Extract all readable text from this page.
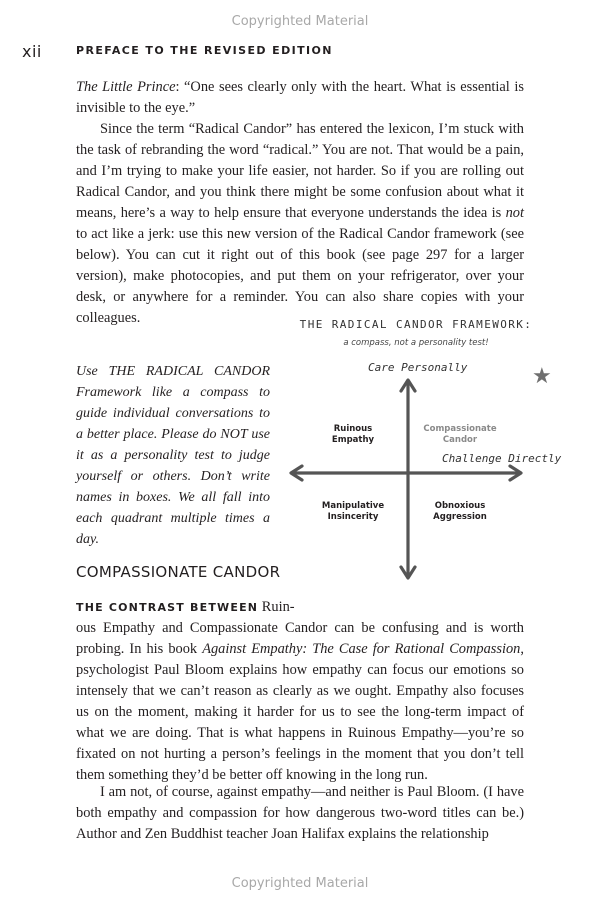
Copyrighted Material
xii	PREFACE TO THE REVISED EDITION

The Little Prince: “One sees clearly only with the heart. What is essential is invisible to the eye.”

Since the term “Radical Candor” has entered the lexicon, I’m stuck with the task of rebranding the word “radical.” You are not. That would be a pain, and I’m trying to make your life easier, not harder. So if you are rolling out Radical Candor, and you think there might be some confusion about what it means, here’s a way to help ensure that everyone understands the idea is not to act like a jerk: use this new version of the Radical Candor framework (see below). You can cut it right out of this book (see page 297 for a larger version), make photocopies, and put them on your refrigerator, over your desk, or anywhere for a reminder. You can also share copies with your colleagues.	THE RADICAL CANDOR FRAMEWORK:
a compass, not a personality test!
Use THE RADICAL CANDOR Framework like a compass to guide individual conversations to a better place. Please do NOT use it as a personality test to judge yourself or others. Don’t write names in boxes. We all fall into each quadrant multiple times a day.
Care Personally
Challenge Directly
Ruinous
Empathy
Compassionate
Candor
Manipulative
Insincerity
Obnoxious
Aggression
★
COMPASSIONATE CANDOR

THE CONTRAST BETWEEN Ruin-

ous Empathy and Compassionate Candor can be confusing and is worth probing. In his book Against Empathy: The Case for Rational Compassion, psychologist Paul Bloom explains how empathy can focus our emotions so intensely that we can’t reason as clearly as we ought. Empathy also focuses us on the moment, making it harder for us to see the long-term impact of what we are doing. That is what happens in Ruinous Empathy—you’re so fixated on not hurting a person’s feelings in the moment that you don’t tell them something they’d be better off knowing in the long run.

I am not, of course, against empathy—and neither is Paul Bloom. (I have both empathy and compassion for how dangerous two-word titles can be.) Author and Zen Buddhist teacher Joan Halifax explains the relationship

Copyrighted Material
